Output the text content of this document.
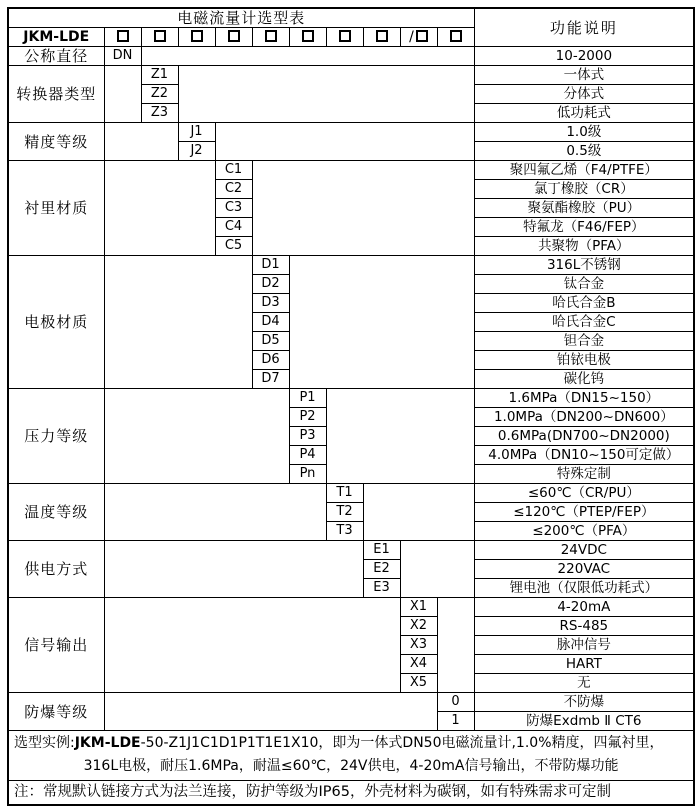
电磁流量计选型表											功能说明
JKM-LDE									/		
公称直径	DN										10-2000
转换器类型		Z1									一体式
		Z2									分体式
		Z3									低功耗式
精度等级			J1								1.0级
			J2								0.5级
衬里材质				C1							聚四氟乙烯（F4/PTFE）
				C2							氯丁橡胶（CR）
				C3							聚氨酯橡胶（PU）
				C4							特氟龙（F46/FEP）
				C5							共聚物（PFA）
电极材质					D1						316L不锈钢
					D2						钛合金
					D3						哈氏合金B
					D4						哈氏合金C
					D5						钽合金
					D6						铂铱电极
					D7						碳化钨
压力等级						P1					1.6MPa（DN15~150）
						P2					1.0MPa（DN200~DN600）
						P3					0.6MPa(DN700~DN2000)
						P4					4.0MPa（DN10~150可定做）
						Pn					特殊定制
温度等级							T1				≤60℃（CR/PU）
							T2				≤120℃（PTEP/FEP）
							T3				≤200℃（PFA）
供电方式								E1			24VDC
								E2			220VAC
								E3			锂电池（仅限低功耗式）
信号输出									X1		4-20mA
									X2		RS-485
									X3		脉冲信号
									X4		HART
									X5		无
防爆等级										0	不防爆
										1	防爆Exdmb Ⅱ CT6

选型实例:JKM-LDE-50-Z1J1C1D1P1T1E1X10，即为一体式DN50电磁流量计,1.0%精度，四氟衬里，
316L电极，耐压1.6MPa，耐温≤60℃，24V供电，4-20mA信号输出，不带防爆功能											

注：常规默认链接方式为法兰连接，防护等级为IP65，外壳材料为碳钢，如有特殊需求可定制											
